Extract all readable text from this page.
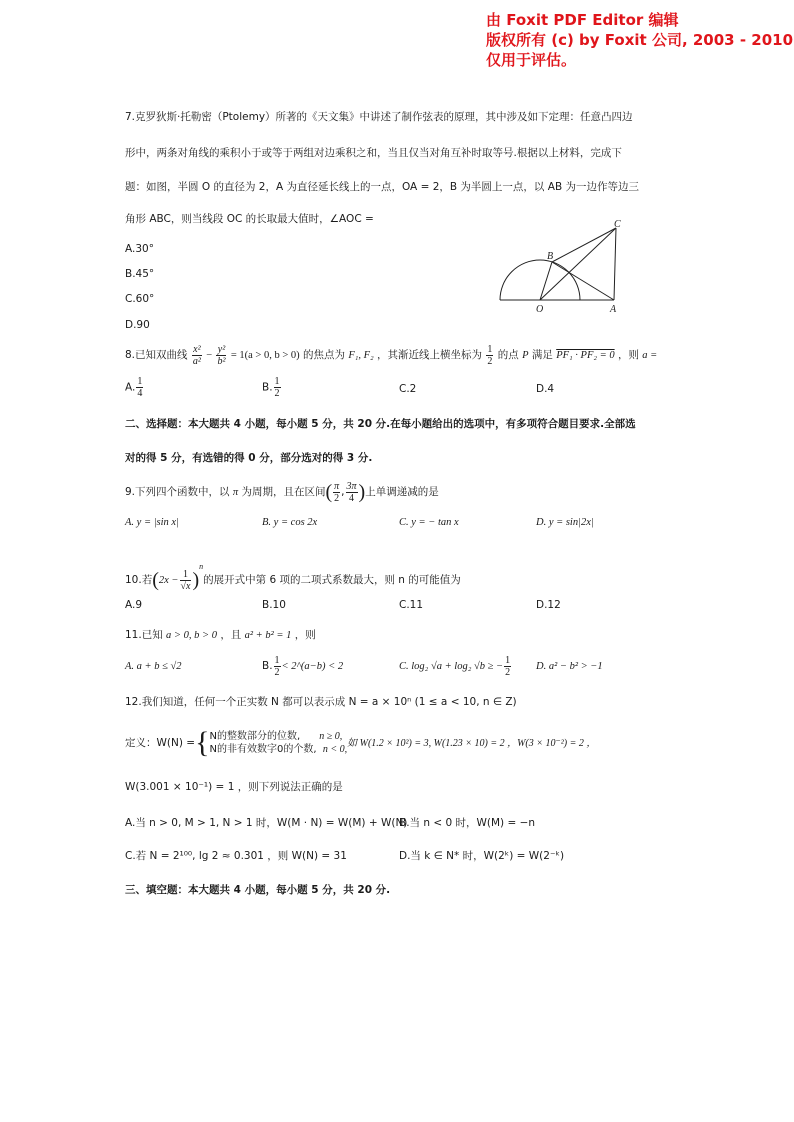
由 Foxit PDF Editor 编辑
版权所有 (c) by Foxit 公司, 2003 - 2010
仅用于评估。
7.克罗狄斯·托勒密（Ptolemy）所著的《天文集》中讲述了制作弦表的原理，其中涉及如下定理：任意凸四边
形中，两条对角线的乘积小于或等于两组对边乘积之和，当且仅当对角互补时取等号.根据以上材料，完成下
题：如图，半圆 O 的直径为 2，A 为直径延长线上的一点，OA = 2，B 为半圆上一点，以 AB 为一边作等边三
角形 ABC，则当线段 OC 的长取最大值时，∠AOC =
A.30°
B.45°
C.60°
D.90
C
B
O	A
8.已知双曲线 $\frac{\text{x²}}{\text{a²}} - \frac{\text{y²}}{\text{b²}} = 1(a > 0$, b > 0) 的焦点为 F₁, F₂ ，其渐近线上横坐标为 $\frac{1}{2}$ 的点 P 满足 PF₁ · PF₂ = 0 ，则 a =
A. $\frac{1}{4}$	B. $\frac{1}{2}$	C.2	D.4
二、选择题：本大题共 4 小题，每小题 5 分，共 20 分.在每小题给出的选项中，有多项符合题目要求.全部选
对的得 5 分，有选错的得 0 分，部分选对的得 3 分.
9.下列四个函数中，以 π 为周期，且在区间( $\frac{\pi}{2}$ , $\frac{3\pi}{4}$ )上单调递减的是
A. y = |sin x|	B. y = cos 2x	C. y = − tan x	D. y = sin|2x|
10.若$(2x - \frac{1}{√x} )^n$的展开式中第 6 项的二项式系数最大，则 n 的可能值为
A.9	B.10	C.11	D.12
11.已知 a > 0, b > 0 ，且 a² + b² = 1 ，则
A. a + b ≤ √2	B. $\frac{1}{2}$ < 2^(a−b) < 2	C. log₂ √a + log₂ √b ≥ − $\frac{1}{2} D$. a² − b² > −1
12.我们知道，任何一个正实数 N 都可以表示成 N = a × 10ⁿ (1 ≤ a < 10, n ∈ Z)
定义：W(N) ={ N的整数部分的位数, n ≥ 0,
N的非有效数字0的个数, n < 0,
如 W(1.2 × 10²) = 3, W(1.23 × 10) = 2 ，W(3 × 10⁻²) = 2 ，
W(3.001 × 10⁻¹) = 1 ，则下列说法正确的是
A.当 n > 0, M > 1, N > 1 时，W(M · N) = W(M) + W(N)
B.当 n < 0 时，W(M) = −n
C.若 N = 2¹⁰⁰, lg 2 ≈ 0.301 ，则 W(N) = 31	D.当 k ∈ N* 时，W(2ᵏ) = W(2⁻ᵏ)
三、填空题：本大题共 4 小题，每小题 5 分，共 20 分.
